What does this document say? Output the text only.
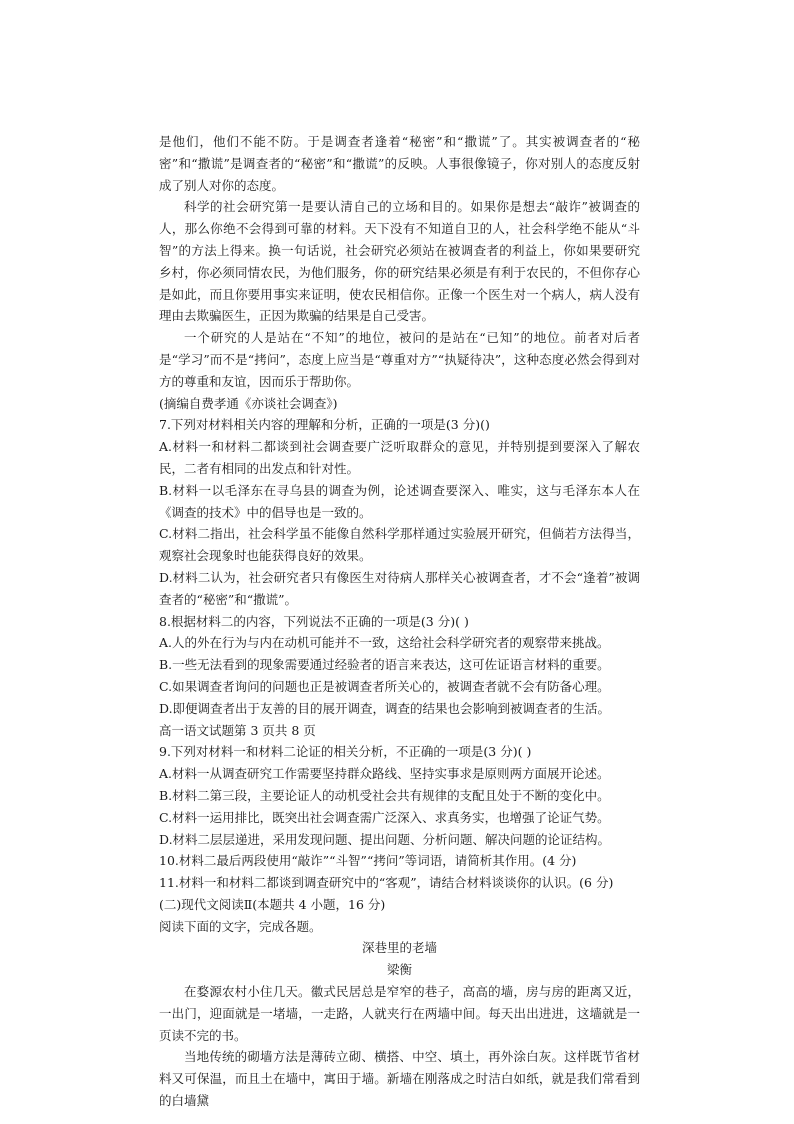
是他们，他们不能不防。于是调查者逢着“秘密”和“撒谎”了。其实被调查者的“秘密”和“撒谎”是调查者的“秘密”和“撒谎”的反映。人事很像镜子，你对别人的态度反射成了别人对你的态度。

科学的社会研究第一是要认清自己的立场和目的。如果你是想去“敲诈”被调查的人，那么你绝不会得到可靠的材料。天下没有不知道自卫的人，社会科学绝不能从“斗智”的方法上得来。换一句话说，社会研究必须站在被调查者的利益上，你如果要研究乡村，你必须同情农民，为他们服务，你的研究结果必须是有利于农民的，不但你存心是如此，而且你要用事实来证明，使农民相信你。正像一个医生对一个病人，病人没有理由去欺骗医生，正因为欺骗的结果是自己受害。

一个研究的人是站在“不知”的地位，被问的是站在“已知”的地位。前者对后者是“学习”而不是“拷问”，态度上应当是“尊重对方”“执疑待决”，这种态度必然会得到对方的尊重和友谊，因而乐于帮助你。

(摘编自费孝通《亦谈社会调查》)

7.下列对材料相关内容的理解和分析，正确的一项是(3 分)()

A.材料一和材料二都谈到社会调查要广泛听取群众的意见，并特别提到要深入了解农民，二者有相同的出发点和针对性。

B.材料一以毛泽东在寻乌县的调查为例，论述调查要深入、唯实，这与毛泽东本人在《调查的技术》中的倡导也是一致的。

C.材料二指出，社会科学虽不能像自然科学那样通过实验展开研究，但倘若方法得当，观察社会现象时也能获得良好的效果。

D.材料二认为，社会研究者只有像医生对待病人那样关心被调查者，才不会“逢着”被调查者的“秘密”和“撒谎”。

8.根据材料二的内容，下列说法不正确的一项是(3 分)( )

A.人的外在行为与内在动机可能并不一致，这给社会科学研究者的观察带来挑战。

B.一些无法看到的现象需要通过经验者的语言来表达，这可佐证语言材料的重要。

C.如果调查者询问的问题也正是被调查者所关心的，被调查者就不会有防备心理。

D.即便调查者出于友善的目的展开调查，调查的结果也会影响到被调查者的生活。

高一语文试题第 3 页共 8 页

9.下列对材料一和材料二论证的相关分析，不正确的一项是(3 分)( )

A.材料一从调查研究工作需要坚持群众路线、坚持实事求是原则两方面展开论述。

B.材料二第三段，主要论证人的动机受社会共有规律的支配且处于不断的变化中。

C.材料一运用排比，既突出社会调查需广泛深入、求真务实，也增强了论证气势。

D.材料二层层递进，采用发现问题、提出问题、分析问题、解决问题的论证结构。

10.材料二最后两段使用“敲诈”“斗智”“拷问”等词语，请简析其作用。(4 分)

11.材料一和材料二都谈到调查研究中的“客观”，请结合材料谈谈你的认识。(6 分)

(二)现代文阅读Ⅱ(本题共 4 小题，16 分)

阅读下面的文字，完成各题。

深巷里的老墙

梁衡

在婺源农村小住几天。徽式民居总是窄窄的巷子，高高的墙，房与房的距离又近，一出门，迎面就是一堵墙，一走路，人就夹行在两墙中间。每天出出进进，这墙就是一页读不完的书。

当地传统的砌墙方法是薄砖立砌、横搭、中空、填土，再外涂白灰。这样既节省材料又可保温，而且土在墙中，寓田于墙。新墙在刚落成之时洁白如纸，就是我们常看到的白墙黛
